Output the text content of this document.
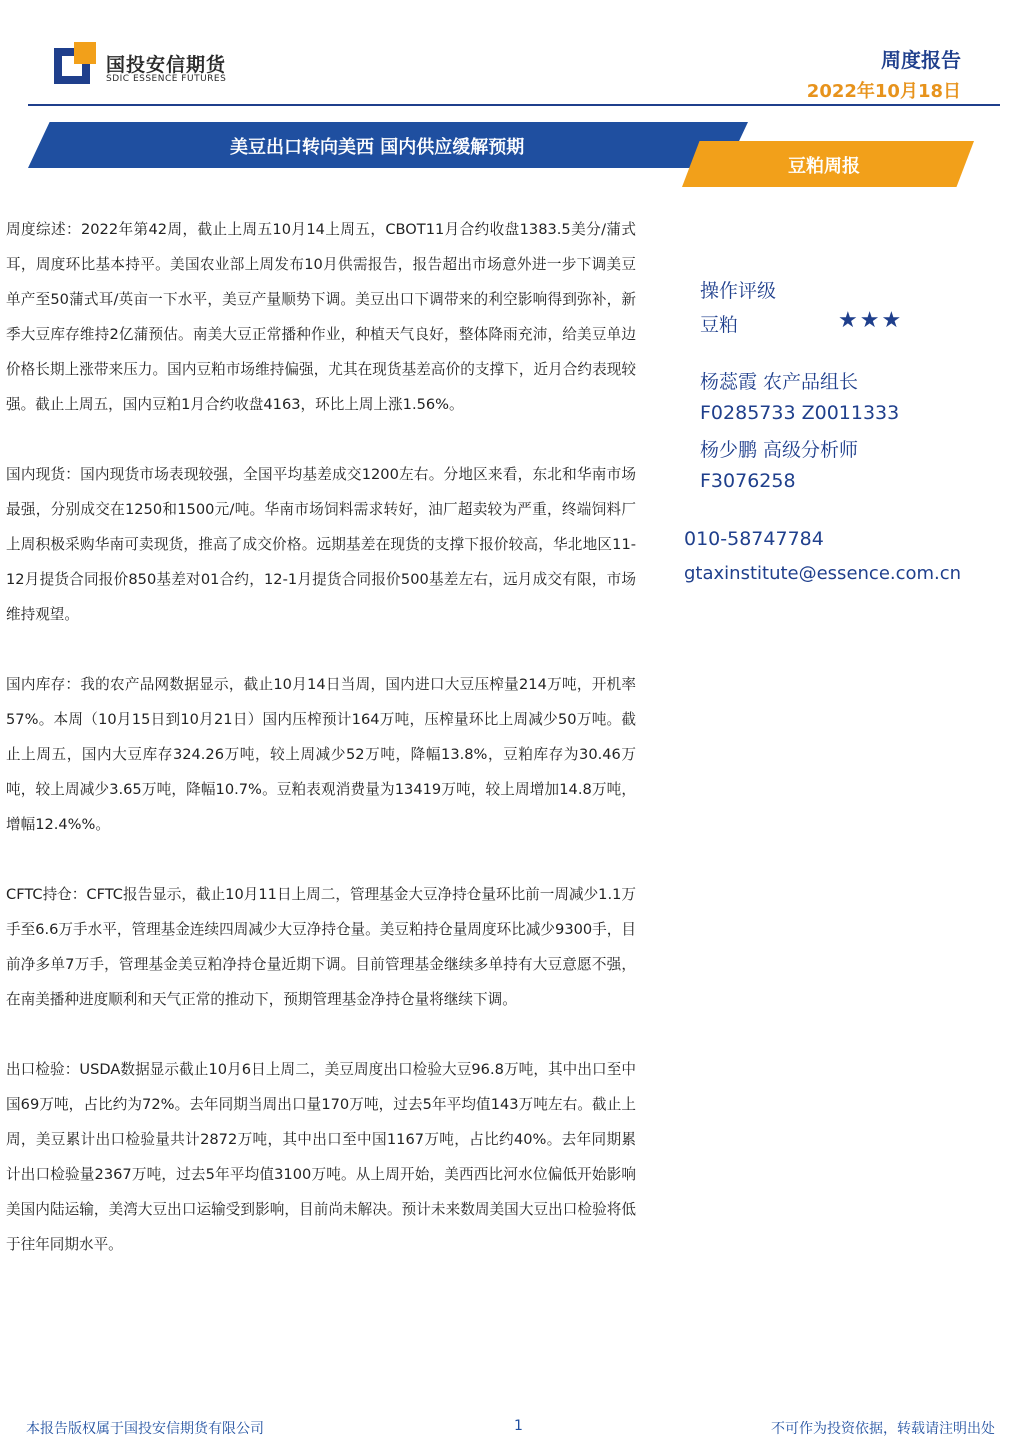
国投安信期货
SDIC ESSENCE FUTURES
周度报告
2022年10月18日
美豆出口转向美西 国内供应缓解预期
豆粕周报

周度综述：2022年第42周，截止上周五10月14上周五，CBOT11月合约收盘1383.5美分/蒲式耳，周度环比基本持平。美国农业部上周发布10月供需报告，报告超出市场意外进一步下调美豆单产至50蒲式耳/英亩一下水平，美豆产量顺势下调。美豆出口下调带来的利空影响得到弥补，新季大豆库存维持2亿蒲预估。南美大豆正常播种作业，种植天气良好，整体降雨充沛，给美豆单边价格长期上涨带来压力。国内豆粕市场维持偏强，尤其在现货基差高价的支撑下，近月合约表现较强。截止上周五，国内豆粕1月合约收盘4163，环比上周上涨1.56%。

国内现货：国内现货市场表现较强，全国平均基差成交1200左右。分地区来看，东北和华南市场最强，分别成交在1250和1500元/吨。华南市场饲料需求转好，油厂超卖较为严重，终端饲料厂上周积极采购华南可卖现货，推高了成交价格。远期基差在现货的支撑下报价较高，华北地区11-12月提货合同报价850基差对01合约，12-1月提货合同报价500基差左右，远月成交有限，市场维持观望。

国内库存：我的农产品网数据显示，截止10月14日当周，国内进口大豆压榨量214万吨，开机率57%。本周（10月15日到10月21日）国内压榨预计164万吨，压榨量环比上周减少50万吨。截止上周五，国内大豆库存324.26万吨，较上周减少52万吨，降幅13.8%，豆粕库存为30.46万吨，较上周减少3.65万吨，降幅10.7%。豆粕表观消费量为13419万吨，较上周增加14.8万吨，增幅12.4%%。

CFTC持仓：CFTC报告显示，截止10月11日上周二，管理基金大豆净持仓量环比前一周减少1.1万手至6.6万手水平，管理基金连续四周减少大豆净持仓量。美豆粕持仓量周度环比减少9300手，目前净多单7万手，管理基金美豆粕净持仓量近期下调。目前管理基金继续多单持有大豆意愿不强，在南美播种进度顺利和天气正常的推动下，预期管理基金净持仓量将继续下调。

出口检验：USDA数据显示截止10月6日上周二，美豆周度出口检验大豆96.8万吨，其中出口至中国69万吨，占比约为72%。去年同期当周出口量170万吨，过去5年平均值143万吨左右。截止上周，美豆累计出口检验量共计2872万吨，其中出口至中国1167万吨，占比约40%。去年同期累计出口检验量2367万吨，过去5年平均值3100万吨。从上周开始，美西西比河水位偏低开始影响美国内陆运输，美湾大豆出口运输受到影响，目前尚未解决。预计未来数周美国大豆出口检验将低于往年同期水平。

操作评级
豆粕	★★★
杨蕊霞 农产品组长
F0285733 Z0011333
杨少鹏 高级分析师
F3076258
010-58747784
gtaxinstitute@essence.com.cn
本报告版权属于国投安信期货有限公司	1	不可作为投资依据，转载请注明出处
